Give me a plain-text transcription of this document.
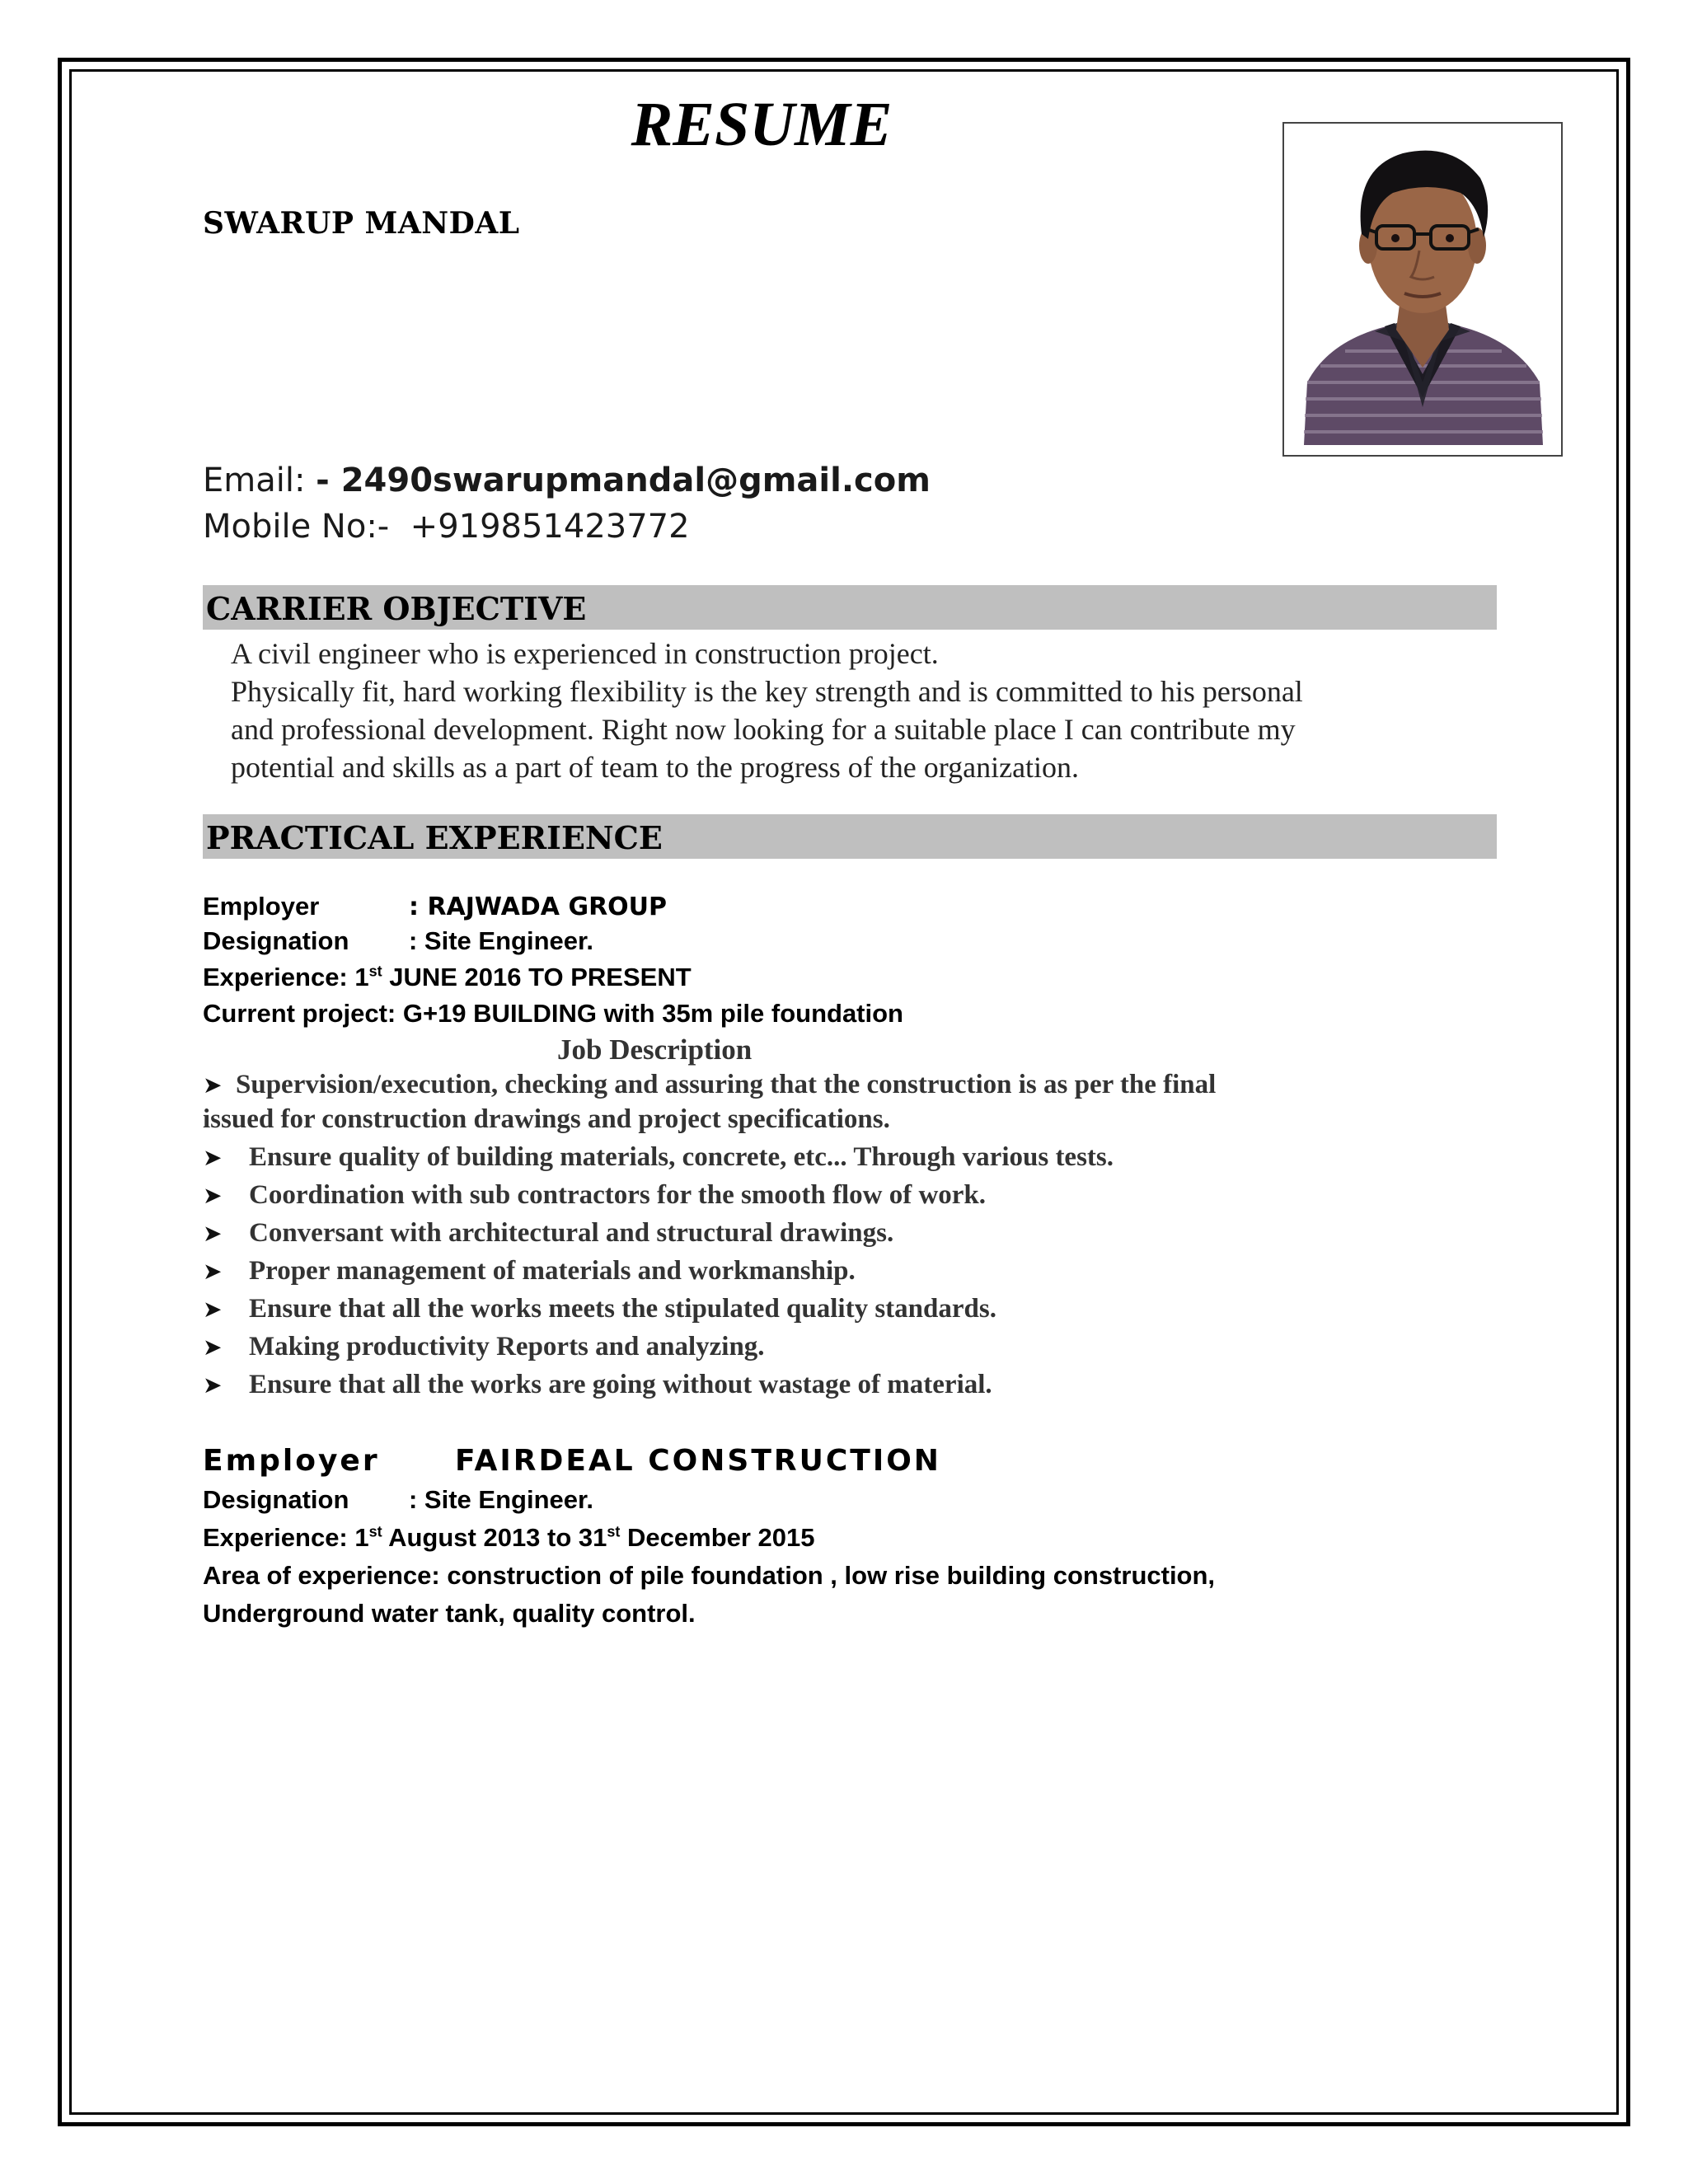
RESUME
SWARUP MANDAL
Email: - 2490swarupmandal@gmail.com
Mobile No:- +919851423772
CARRIER OBJECTIVE
A civil engineer who is experienced in construction project.
Physically fit, hard working flexibility is the key strength and is committed to his personal
and professional development. Right now looking for a suitable place I can contribute my
potential and skills as a part of team to the progress of the organization.
PRACTICAL EXPERIENCE
Employer	: RAJWADA GROUP
Designation : Site Engineer.
Experience: 1st JUNE 2016 TO PRESENT
Current project: G+19 BUILDING with 35m pile foundation
Job Description
➤ Supervision/execution, checking and assuring that the construction is as per the final
issued for construction drawings and project specifications.
➤ Ensure quality of building materials, concrete, etc... Through various tests.
➤ Coordination with sub contractors for the smooth flow of work.
➤ Conversant with architectural and structural drawings.
➤ Proper management of materials and workmanship.
➤ Ensure that all the works meets the stipulated quality standards.
➤ Making productivity Reports and analyzing.
➤ Ensure that all the works are going without wastage of material.
Employer	FAIRDEAL CONSTRUCTION
Designation : Site Engineer.
Experience: 1st August 2013 to 31st December 2015
Area of experience: construction of pile foundation , low rise building construction,
Underground water tank, quality control.
